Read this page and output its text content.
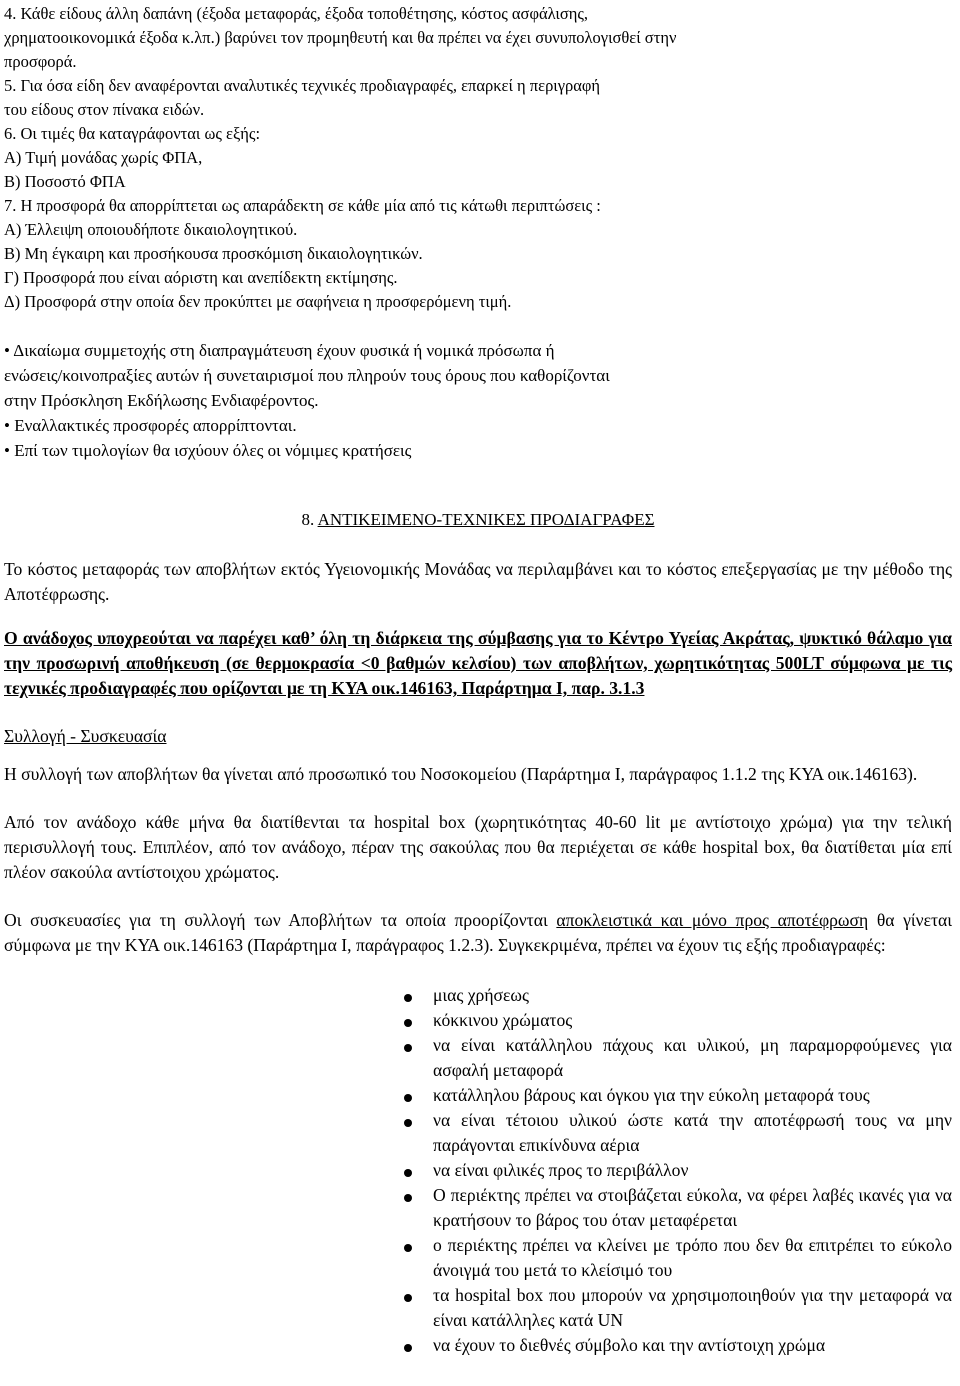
4. Κάθε είδους άλλη δαπάνη (έξοδα μεταφοράς, έξοδα τοποθέτησης, κόστος ασφάλισης,
χρηματοοικονομικά έξοδα κ.λπ.) βαρύνει τον προμηθευτή και θα πρέπει να έχει συνυπολογισθεί στην
προσφορά.
5. Για όσα είδη δεν αναφέρονται αναλυτικές τεχνικές προδιαγραφές, επαρκεί η περιγραφή
του είδους στον πίνακα ειδών.
6. Οι τιμές θα καταγράφονται ως εξής:
Α) Τιμή μονάδας χωρίς ΦΠΑ,
Β) Ποσοστό ΦΠΑ
7. Η προσφορά θα απορρίπτεται ως απαράδεκτη σε κάθε μία από τις κάτωθι περιπτώσεις :
Α) Έλλειψη οποιουδήποτε δικαιολογητικού.
Β) Μη έγκαιρη και προσήκουσα προσκόμιση δικαιολογητικών.
Γ) Προσφορά που είναι αόριστη και ανεπίδεκτη εκτίμησης.
Δ) Προσφορά στην οποία δεν προκύπτει με σαφήνεια η προσφερόμενη τιμή.
• Δικαίωμα συμμετοχής στη διαπραγμάτευση έχουν φυσικά ή νομικά πρόσωπα ή
ενώσεις/κοινοπραξίες αυτών ή συνεταιρισμοί που πληρούν τους όρους που καθορίζονται
στην Πρόσκληση Εκδήλωσης Ενδιαφέροντος.
• Εναλλακτικές προσφορές απορρίπτονται.
• Επί των τιμολογίων θα ισχύουν όλες οι νόμιμες κρατήσεις
8. ΑΝΤΙΚΕΙΜΕΝΟ-ΤΕΧΝΙΚΕΣ ΠΡΟΔΙΑΓΡΑΦΕΣ
Το κόστος μεταφοράς των αποβλήτων εκτός Υγειονομικής Μονάδας να περιλαμβάνει και το κόστος επεξεργασίας με την μέθοδο της Αποτέφρωσης.
Ο ανάδοχος υποχρεούται να παρέχει καθ’ όλη τη διάρκεια της σύμβασης για το Κέντρο Υγείας Ακράτας, ψυκτικό θάλαμο για την προσωρινή αποθήκευση (σε θερμοκρασία <0 βαθμών κελσίου) των αποβλήτων, χωρητικότητας 500LT σύμφωνα με τις τεχνικές προδιαγραφές που ορίζονται με τη ΚΥΑ οικ.146163, Παράρτημα Ι, παρ. 3.1.3
Συλλογή - Συσκευασία
Η συλλογή των αποβλήτων θα γίνεται από προσωπικό του Νοσοκομείου (Παράρτημα Ι, παράγραφος 1.1.2 της ΚΥΑ οικ.146163).
Από τον ανάδοχο κάθε μήνα θα διατίθενται τα hospital box (χωρητικότητας 40-60 lit με αντίστοιχο χρώμα) για την τελική περισυλλογή τους. Επιπλέον, από τον ανάδοχο, πέραν της σακούλας που θα περιέχεται σε κάθε hospital box, θα διατίθεται μία επί πλέον σακούλα αντίστοιχου χρώματος.
Οι συσκευασίες για τη συλλογή των Αποβλήτων τα οποία προορίζονται αποκλειστικά και μόνο προς αποτέφρωση θα γίνεται σύμφωνα με την ΚΥΑ οικ.146163 (Παράρτημα Ι, παράγραφος 1.2.3). Συγκεκριμένα, πρέπει να έχουν τις εξής προδιαγραφές:
μιας χρήσεως
κόκκινου χρώματος
να είναι κατάλληλου πάχους και υλικού, μη παραμορφούμενες για ασφαλή μεταφορά
κατάλληλου βάρους και όγκου για την εύκολη μεταφορά τους
να είναι τέτοιου υλικού ώστε κατά την αποτέφρωσή τους να μην παράγονται επικίνδυνα αέρια
να είναι φιλικές προς το περιβάλλον
Ο περιέκτης πρέπει να στοιβάζεται εύκολα, να φέρει λαβές ικανές για να κρατήσουν το βάρος του όταν μεταφέρεται
ο περιέκτης πρέπει να κλείνει με τρόπο που δεν θα επιτρέπει το εύκολο άνοιγμά του μετά το κλείσιμό του
τα hospital box που μπορούν να χρησιμοποιηθούν για την μεταφορά να είναι κατάλληλες κατά UN
να έχουν το διεθνές σύμβολο και την αντίστοιχη χρώμα
